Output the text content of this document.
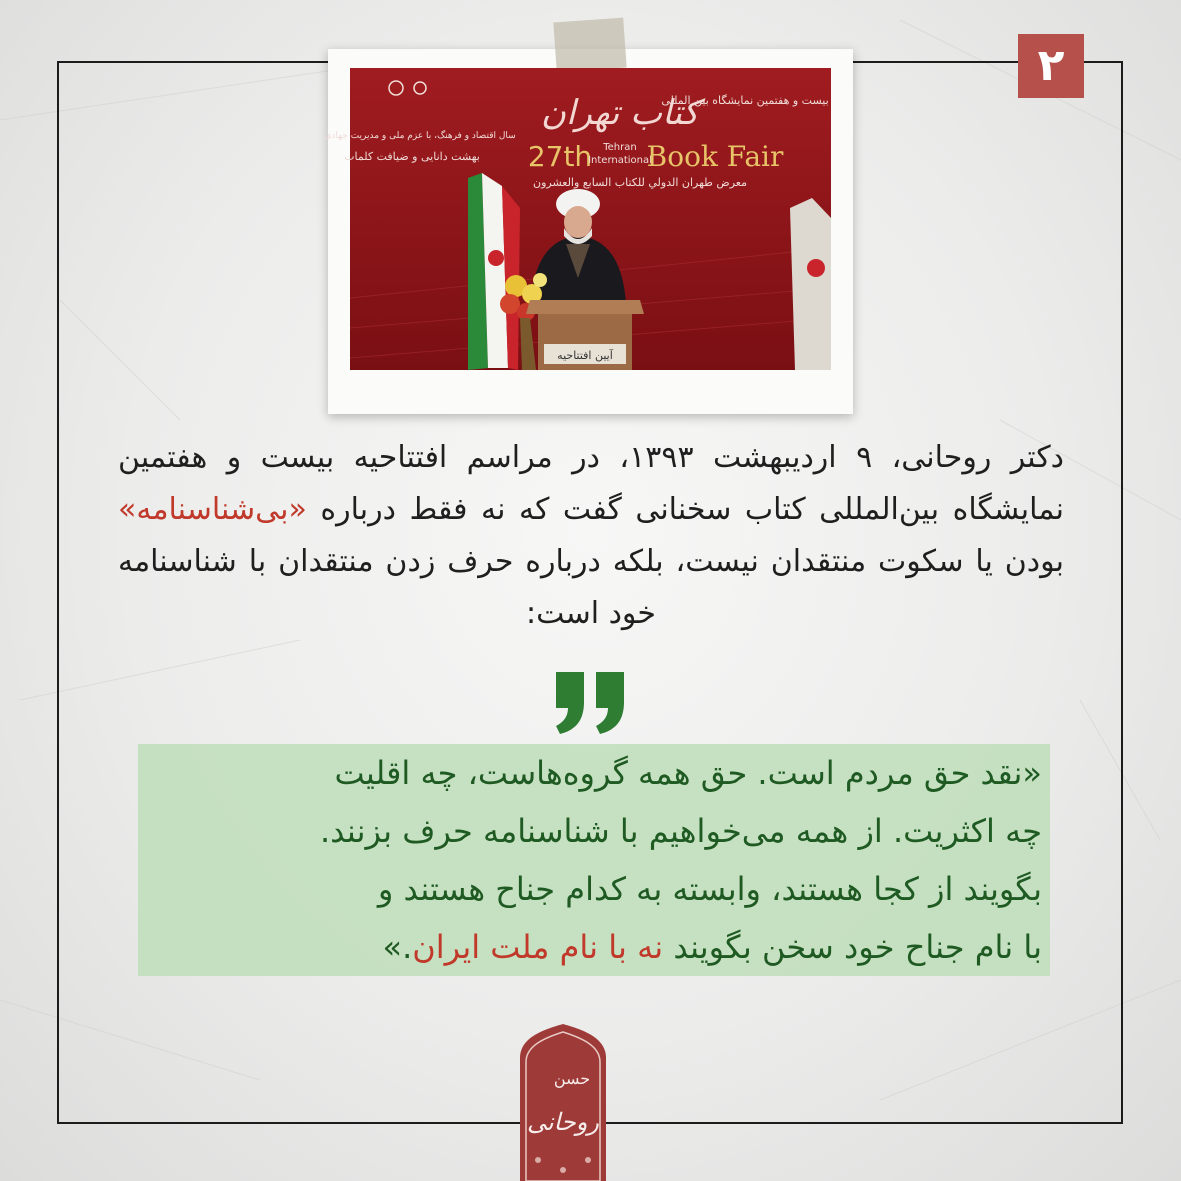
۲
کتاب تهران
بیست و هفتمین نمایشگاه بین المللی
27th Tehran
International
Book Fair
معرض طهران الدولي للكتاب السابع والعشرون
سال اقتصاد و فرهنگ، با عزم ملی و مدیریت جهادی
بهشت دانایی و ضیافت کلمات
آیین افتتاحیه

دکتر روحانی، ۹ اردیبهشت ۱۳۹۳، در مراسم افتتاحیه بیست و هفتمین نمایشگاه بین‌المللی کتاب سخنانی گفت که نه فقط درباره «بی‌شناسنامه» بودن یا سکوت منتقدان نیست، بلکه درباره حرف زدن منتقدان با شناسنامه خود است:

«نقد حق مردم است. حق همه گروه‌هاست، چه اقلیت
چه اکثریت. از همه می‌خواهیم با شناسنامه حرف بزنند.
بگویند از کجا هستند، وابسته به کدام جناح هستند و
با نام جناح خود سخن بگویند نه با نام ملت ایران.»

حسن
روحانی
